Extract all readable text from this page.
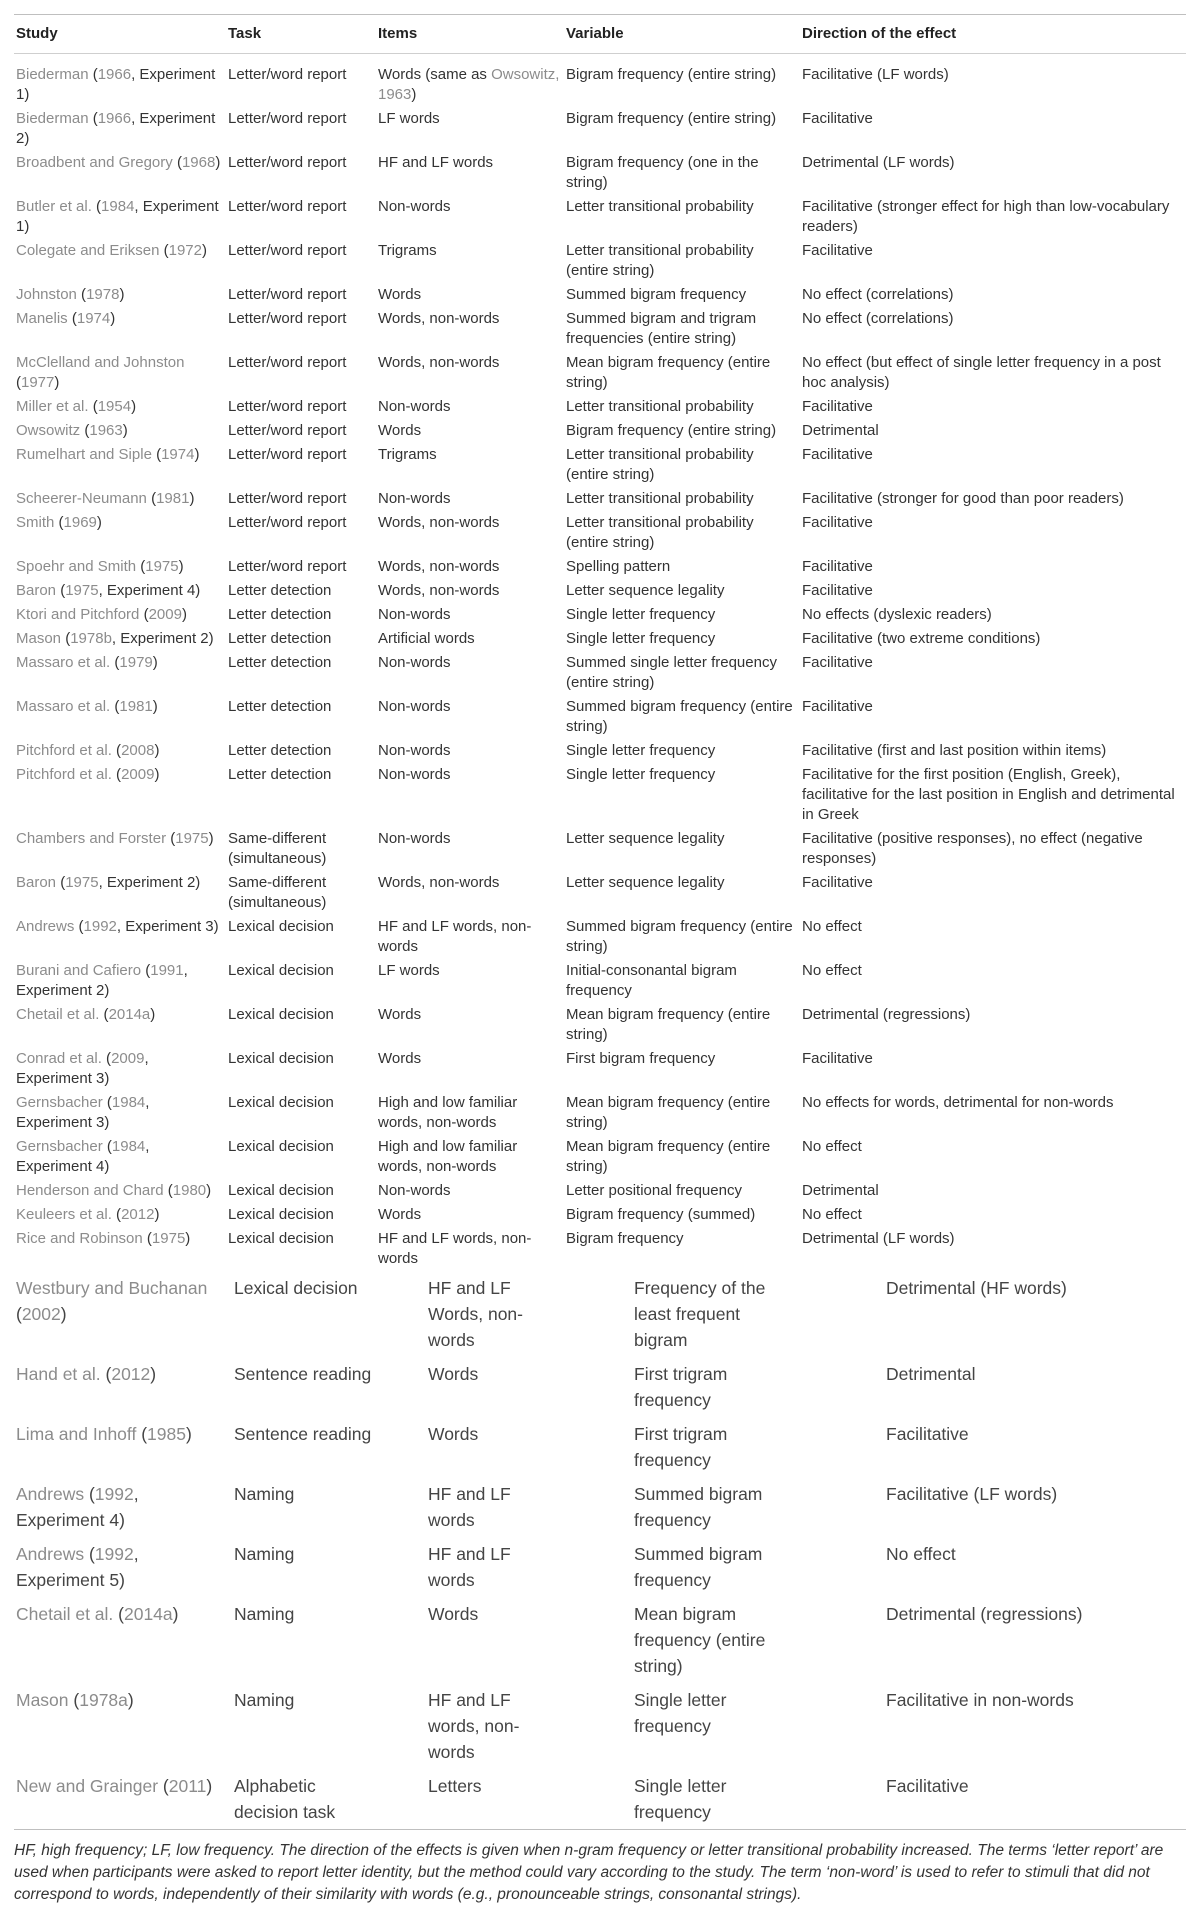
Study	Task	Items	Variable	Direction of the effect
Biederman (1966, Experiment 1)	Letter/word report	Words (same as Owsowitz, 1963)	Bigram frequency (entire string)	Facilitative (LF words)
Biederman (1966, Experiment 2)	Letter/word report	LF words	Bigram frequency (entire string)	Facilitative
Broadbent and Gregory (1968)	Letter/word report	HF and LF words	Bigram frequency (one in the string)	Detrimental (LF words)
Butler et al. (1984, Experiment 1)	Letter/word report	Non-words	Letter transitional probability	Facilitative (stronger effect for high than low-vocabulary readers)
Colegate and Eriksen (1972)	Letter/word report	Trigrams	Letter transitional probability (entire string)	Facilitative
Johnston (1978)	Letter/word report	Words	Summed bigram frequency	No effect (correlations)
Manelis (1974)	Letter/word report	Words, non-words	Summed bigram and trigram frequencies (entire string)	No effect (correlations)
McClelland and Johnston (1977)	Letter/word report	Words, non-words	Mean bigram frequency (entire string)	No effect (but effect of single letter frequency in a post hoc analysis)
Miller et al. (1954)	Letter/word report	Non-words	Letter transitional probability	Facilitative
Owsowitz (1963)	Letter/word report	Words	Bigram frequency (entire string)	Detrimental
Rumelhart and Siple (1974)	Letter/word report	Trigrams	Letter transitional probability (entire string)	Facilitative
Scheerer-Neumann (1981)	Letter/word report	Non-words	Letter transitional probability	Facilitative (stronger for good than poor readers)
Smith (1969)	Letter/word report	Words, non-words	Letter transitional probability (entire string)	Facilitative
Spoehr and Smith (1975)	Letter/word report	Words, non-words	Spelling pattern	Facilitative
Baron (1975, Experiment 4)	Letter detection	Words, non-words	Letter sequence legality	Facilitative
Ktori and Pitchford (2009)	Letter detection	Non-words	Single letter frequency	No effects (dyslexic readers)
Mason (1978b, Experiment 2)	Letter detection	Artificial words	Single letter frequency	Facilitative (two extreme conditions)
Massaro et al. (1979)	Letter detection	Non-words	Summed single letter frequency (entire string)	Facilitative
Massaro et al. (1981)	Letter detection	Non-words	Summed bigram frequency (entire string)	Facilitative
Pitchford et al. (2008)	Letter detection	Non-words	Single letter frequency	Facilitative (first and last position within items)
Pitchford et al. (2009)	Letter detection	Non-words	Single letter frequency	Facilitative for the first position (English, Greek), facilitative for the last position in English and detrimental in Greek
Chambers and Forster (1975)	Same-different (simultaneous)	Non-words	Letter sequence legality	Facilitative (positive responses), no effect (negative responses)
Baron (1975, Experiment 2)	Same-different (simultaneous)	Words, non-words	Letter sequence legality	Facilitative
Andrews (1992, Experiment 3)	Lexical decision	HF and LF words, non-words	Summed bigram frequency (entire string)	No effect
Burani and Cafiero (1991, Experiment 2)	Lexical decision	LF words	Initial-consonantal bigram frequency	No effect
Chetail et al. (2014a)	Lexical decision	Words	Mean bigram frequency (entire string)	Detrimental (regressions)
Conrad et al. (2009, Experiment 3)	Lexical decision	Words	First bigram frequency	Facilitative
Gernsbacher (1984, Experiment 3)	Lexical decision	High and low familiar words, non-words	Mean bigram frequency (entire string)	No effects for words, detrimental for non-words
Gernsbacher (1984, Experiment 4)	Lexical decision	High and low familiar words, non-words	Mean bigram frequency (entire string)	No effect
Henderson and Chard (1980)	Lexical decision	Non-words	Letter positional frequency	Detrimental
Keuleers et al. (2012)	Lexical decision	Words	Bigram frequency (summed)	No effect
Rice and Robinson (1975)	Lexical decision	HF and LF words, non-words	Bigram frequency	Detrimental (LF words)
Westbury and Buchanan (2002)	Lexical decision	HF and LF Words, non-words	Frequency of the least frequent bigram	Detrimental (HF words)
Hand et al. (2012)	Sentence reading	Words	First trigram frequency	Detrimental
Lima and Inhoff (1985)	Sentence reading	Words	First trigram frequency	Facilitative
Andrews (1992, Experiment 4)	Naming	HF and LF words	Summed bigram frequency	Facilitative (LF words)
Andrews (1992, Experiment 5)	Naming	HF and LF words	Summed bigram frequency	No effect
Chetail et al. (2014a)	Naming	Words	Mean bigram frequency (entire string)	Detrimental (regressions)
Mason (1978a)	Naming	HF and LF words, non-words	Single letter frequency	Facilitative in non-words
New and Grainger (2011)	Alphabetic decision task	Letters	Single letter frequency	Facilitative
HF, high frequency; LF, low frequency. The direction of the effects is given when n-gram frequency or letter transitional probability increased. The terms ‘letter report’ are used when participants were asked to report letter identity, but the method could vary according to the study. The term ‘non-word’ is used to refer to stimuli that did not correspond to words, independently of their similarity with words (e.g., pronounceable strings, consonantal strings).
